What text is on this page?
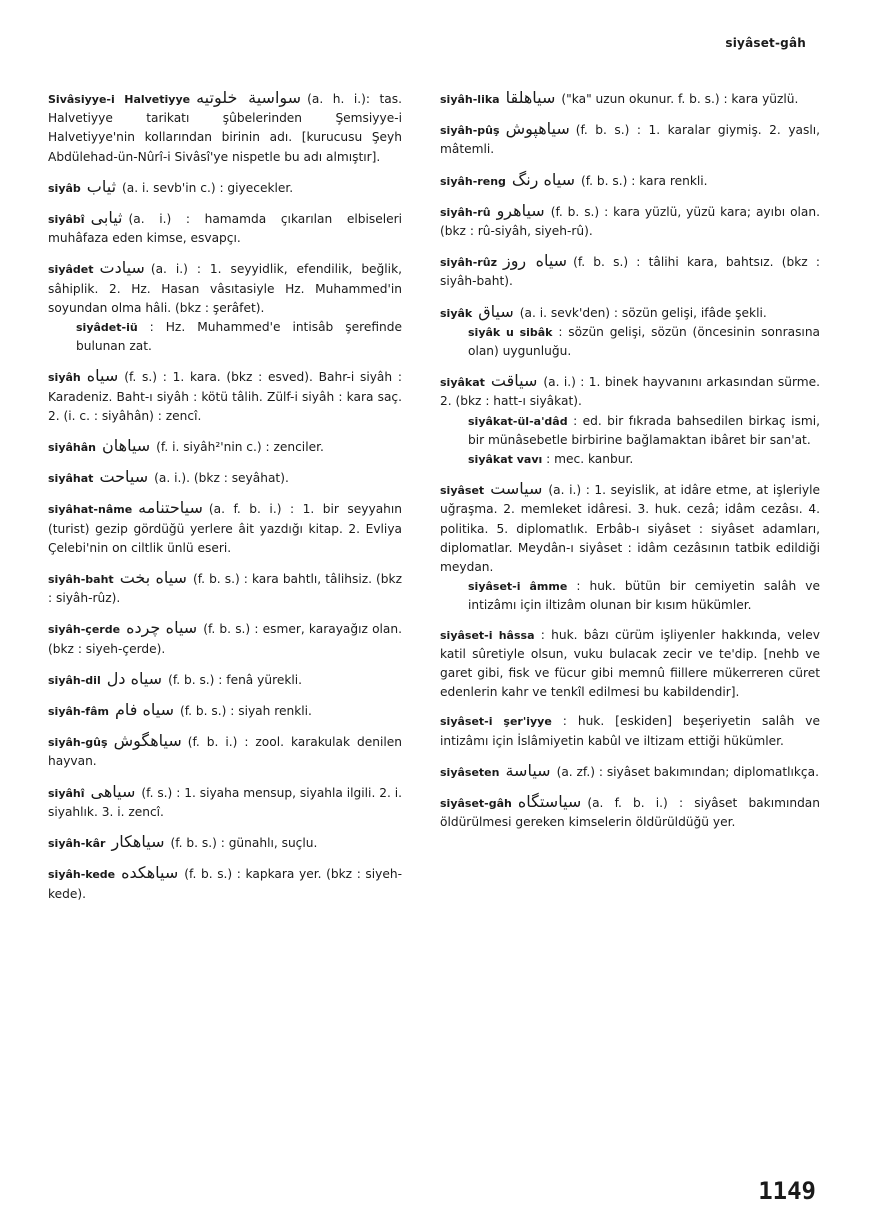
siyâset-gâh
Sivâsiyye-i Halvetiyye سواسية خلوتيه (a. h. i.): tas. Halvetiyye tarikatı şûbelerinden Şemsiyye-i Halvetiyye'nin kollarından birinin adı. [kurucusu Şeyh Abdülehad-ün-Nûrî-i Sivâsî'ye nispetle bu adı almıştır].
siyâb ثياب (a. i. sevb'in c.) : giyecekler.
siyâbî ثيابى (a. i.) : hamamda çıkarılan elbiseleri muhâfaza eden kimse, esvapçı.
siyâdet سيادت (a. i.) : 1. seyyidlik, efendilik, beğlik, sâhiplik. 2. Hz. Hasan vâsıtasiyle Hz. Muhammed'in soyundan olma hâli. (bkz : şerâfet).
siyâdet-iü : Hz. Muhammed'e intisâb şerefinde bulunan zat.
siyâh سياه (f. s.) : 1. kara. (bkz : esved). Bahr-i siyâh : Karadeniz. Baht-ı siyâh : kötü tâlih. Zülf-i siyâh : kara saç. 2. (i. c. : siyâhân) : zencî.
siyâhân سياهان (f. i. siyâh²'nin c.) : zenciler.
siyâhat سياحت (a. i.). (bkz : seyâhat).
siyâhat-nâme سياحتنامه (a. f. b. i.) : 1. bir seyyahın (turist) gezip gördüğü yerlere âit yazdığı kitap. 2. Evliya Çelebi'nin on ciltlik ünlü eseri.
siyâh-baht سياه بخت (f. b. s.) : kara bahtlı, tâlihsiz. (bkz : siyâh-rûz).
siyâh-çerde سياه چرده (f. b. s.) : esmer, karayağız olan. (bkz : siyeh-çerde).
siyâh-dil سياه دل (f. b. s.) : fenâ yürekli.
siyâh-fâm سياه فام (f. b. s.) : siyah renkli.
siyâh-gûş سياهگوش (f. b. i.) : zool. karakulak denilen hayvan.
siyâhî سياهى (f. s.) : 1. siyaha mensup, siyahla ilgili. 2. i. siyahlık. 3. i. zencî.
siyâh-kâr سياهكار (f. b. s.) : günahlı, suçlu.
siyâh-kede سياهكده (f. b. s.) : kapkara yer. (bkz : siyeh-kede).
siyâh-lika سياهلقا ("ka" uzun okunur. f. b. s.) : kara yüzlü.
siyâh-pûş سياهپوش (f. b. s.) : 1. karalar giymiş. 2. yaslı, mâtemli.
siyâh-reng سياه رنگ (f. b. s.) : kara renkli.
siyâh-rû سياهرو (f. b. s.) : kara yüzlü, yüzü kara; ayıbı olan. (bkz : rû-siyâh, siyeh-rû).
siyâh-rûz سياه روز (f. b. s.) : tâlihi kara, bahtsız. (bkz : siyâh-baht).
siyâk سياق (a. i. sevk'den) : sözün gelişi, ifâde şekli.
siyâk u sibâk : sözün gelişi, sözün (öncesinin sonrasına olan) uygunluğu.
siyâkat سياقت (a. i.) : 1. binek hayvanını arkasından sürme. 2. (bkz : hatt-ı siyâkat).
siyâkat-ül-a'dâd : ed. bir fıkrada bahsedilen birkaç ismi, bir münâsebetle birbirine bağlamaktan ibâret bir san'at.
siyâkat vavı : mec. kanbur.
siyâset سياست (a. i.) : 1. seyislik, at idâre etme, at işleriyle uğraşma. 2. memleket idâresi. 3. huk. cezâ; idâm cezâsı. 4. politika. 5. diplomatlık. Erbâb-ı siyâset : siyâset adamları, diplomatlar. Meydân-ı siyâset : idâm cezâsının tatbik edildiği meydan.
siyâset-i âmme : huk. bütün bir cemiyetin salâh ve intizâmı için iltizâm olunan bir kısım hükümler.
siyâset-i hâssa : huk. bâzı cürüm işliyenler hakkında, velev katil sûretiyle olsun, vuku bulacak zecir ve te'dip. [nehb ve garet gibi, fisk ve fücur gibi memnû fiillere mükerreren cüret edenlerin kahr ve tenkîl edilmesi bu kabildendir].
siyâset-i şer'iyye : huk. [eskiden] beşeriyetin salâh ve intizâmı için İslâmiyetin kabûl ve iltizam ettiği hükümler.
siyâseten سياسة (a. zf.) : siyâset bakımından; diplomatlıkça.
siyâset-gâh سياستگاه (a. f. b. i.) : siyâset bakımından öldürülmesi gereken kimselerin öldürüldüğü yer.
1149
